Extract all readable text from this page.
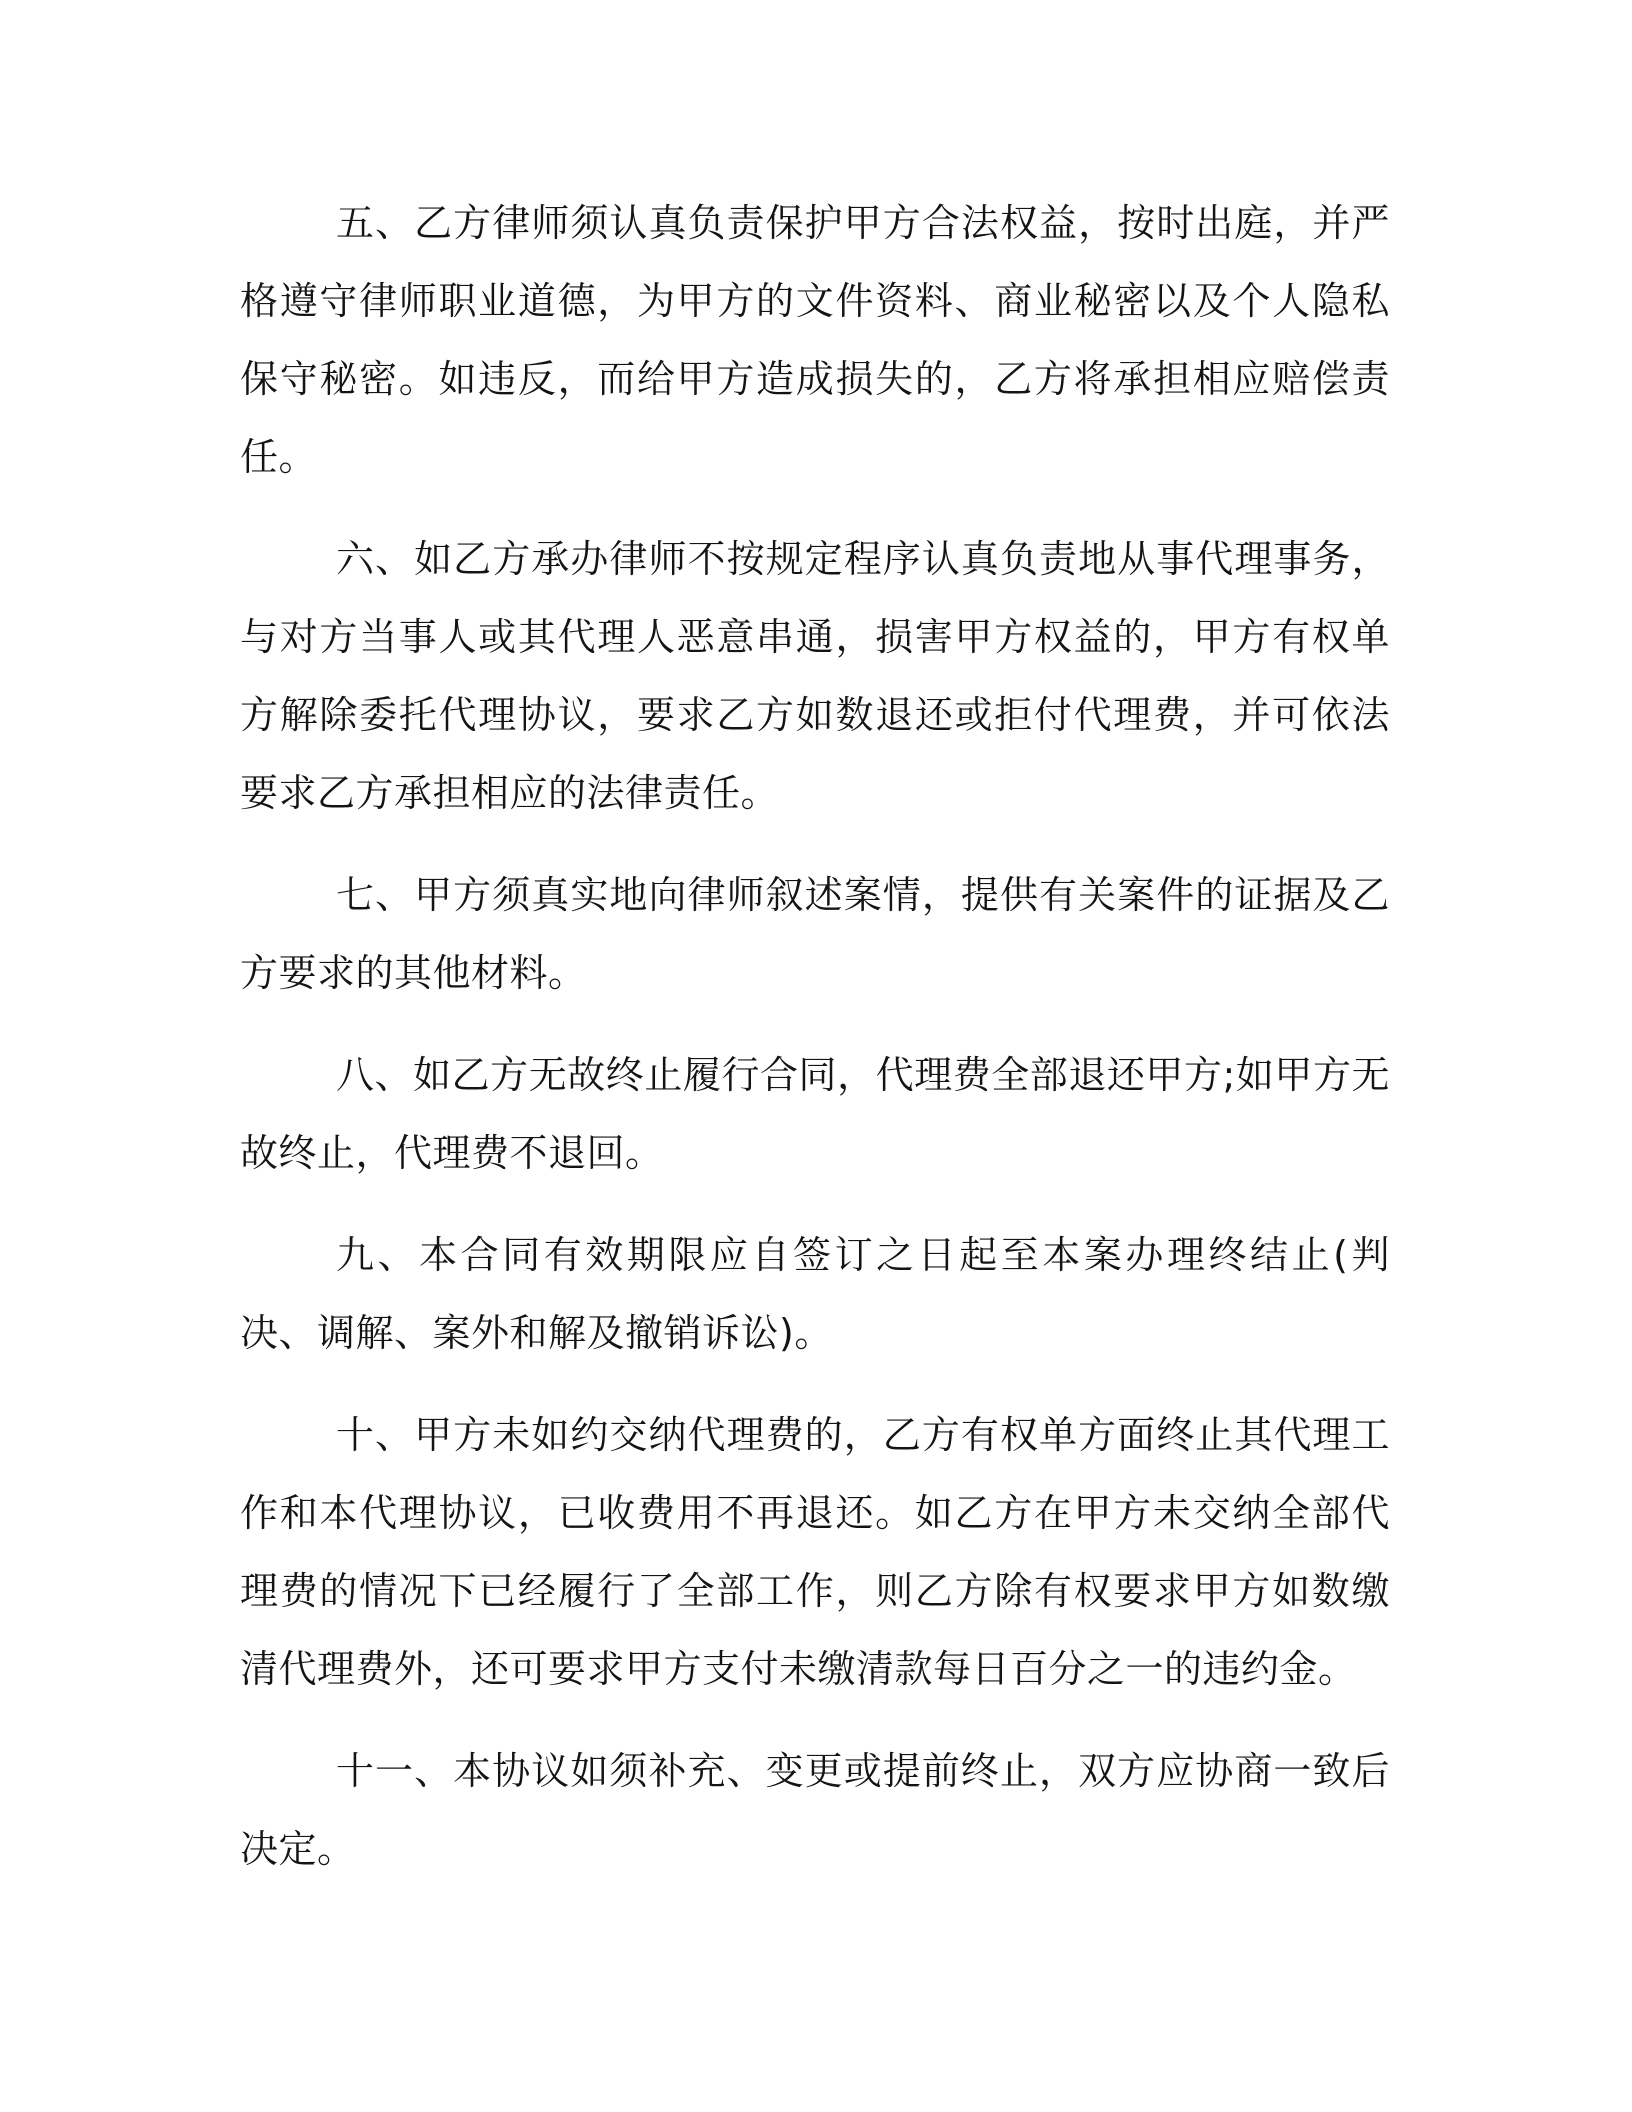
五、乙方律师须认真负责保护甲方合法权益，按时出庭，并严格遵守律师职业道德，为甲方的文件资料、商业秘密以及个人隐私保守秘密。如违反，而给甲方造成损失的，乙方将承担相应赔偿责任。

六、如乙方承办律师不按规定程序认真负责地从事代理事务，与对方当事人或其代理人恶意串通，损害甲方权益的，甲方有权单方解除委托代理协议，要求乙方如数退还或拒付代理费，并可依法要求乙方承担相应的法律责任。

七、甲方须真实地向律师叙述案情，提供有关案件的证据及乙方要求的其他材料。

八、如乙方无故终止履行合同，代理费全部退还甲方;如甲方无故终止，代理费不退回。

九、本合同有效期限应自签订之日起至本案办理终结止(判决、调解、案外和解及撤销诉讼)。

十、甲方未如约交纳代理费的，乙方有权单方面终止其代理工作和本代理协议，已收费用不再退还。如乙方在甲方未交纳全部代理费的情况下已经履行了全部工作，则乙方除有权要求甲方如数缴清代理费外，还可要求甲方支付未缴清款每日百分之一的违约金。

十一、本协议如须补充、变更或提前终止，双方应协商一致后决定。
